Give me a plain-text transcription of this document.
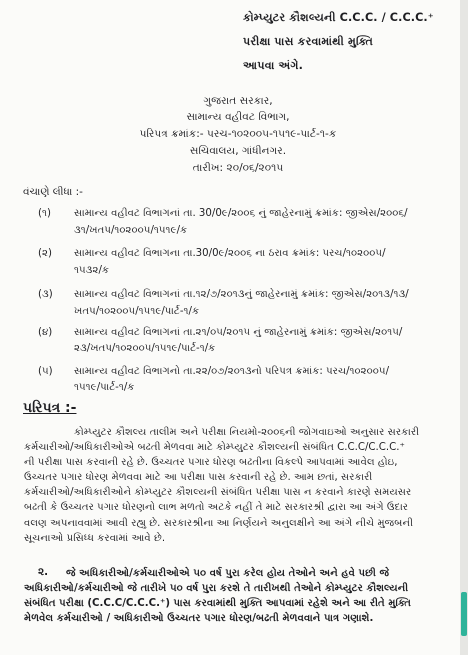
કોમ્પ્યુટર કૌશલ્યની C.C.C. / C.C.C.⁺
પરીક્ષા પાસ કરવામાંથી મુક્તિ
આપવા અંગે.
ગુજરાત સરકાર,
સામાન્ય વહીવટ વિભાગ,
પરિપત્ર ક્રમાંક:- પરચ-૧૦૨૦૦૫-૧૫૧૯-પાર્ટ-૧-ક
સચિવાલય, ગાંધીનગર.
તારીખ: ૨૦/૦૬/૨૦૧૫
વંચાણે લીધા :-
(૧) સામાન્ય વહીવટ વિભાગનાં તા. 30/0૯/૨૦૦૬ નું જાહેરનામું ક્રમાંક: જીએસ/૨૦૦૬/
૩૧/ખતપ/૧૦૨૦૦૫/૧૫૧૯/ક
(૨) સામાન્ય વહીવટ વિભાગના તા.30/0૯/૨૦૦૬ ના ઠરાવ ક્રમાંક: પરચ/૧૦૨૦૦૫/
૧૫૩૨/ક
(૩) સામાન્ય વહીવટ વિભાગનાં તા.૧૨/૭/૨૦૧૩નું જાહેરનામું ક્રમાંક: જીએસ/૨૦૧૩/૧૩/
ખતપ/૧૦૨૦૦૫/૧૫૧૯/પાર્ટ-૧/ક
(૪) સામાન્ય વહીવટ વિભાગનાં તા.૨૧/૦૫/૨૦૧૫ નું જાહેરનામું ક્રમાંક: જીએસ/૨૦૧૫/
૨૩/ખતપ/૧૦૨૦૦૫/૧૫૧૯/પાર્ટ-૧/ક
(૫) સામાન્ય વહીવટ વિભાગનો તા.૨૨/૦૭/૨૦૧૩નો પરિપત્ર ક્રમાંક: પરચ/૧૦૨૦૦૫/
૧૫૧૯/પાર્ટ-૧/ક
પરિપત્ર :-
કોમ્પ્યુટર કૌશલ્ય તાલીમ અને પરીક્ષા નિયમો-૨૦૦૬ની જોગવાઇઓ અનુસાર સરકારી
કર્મચારીઓ/અધિકારીઓએ બઢતી મેળવવા માટે કોમ્પ્યુટર કૌશલ્યની સંબંધિત C.C.C/C.C.C.⁺
ની પરીક્ષા પાસ કરવાની રહે છે. ઉચ્ચતર પગાર ધોરણ બઢતીના વિકલ્પે આપવામાં આવેલ હોઇ,
ઉચ્ચતર પગાર ધોરણ મેળવવા માટે આ પરીક્ષા પાસ કરવાની રહે છે. આમ છતાં, સરકારી
કર્મચારીઓ/અધિકારીઓને કોમ્પ્યુટર કૌશલ્યની સંબંધિત પરીક્ષા પાસ ન કરવાને કારણે સમયસર
બઢતી કે ઉચ્ચતર પગાર ધોરણનો લાભ મળતો અટકે નહીં તે માટે સરકારશ્રી દ્વારા આ અંગે ઉદાર
વલણ અપનાવવામાં આવી રહ્યુ છે. સરકારશ્રીના આ નિર્ણયને અનુલક્ષીને આ અંગે નીચે મુજબની
સૂચનાઓ પ્રસિધ્ધ કરવામાં આવે છે.
૨.	જે અધિકારીઓ/કર્મચારીઓએ ૫૦ વર્ષ પુરા કરેલ હોય તેઓને અને હવે પછી જે
અધિકારીઓ/કર્મચારીઓ જે તારીખે ૫૦ વર્ષ પુરા કરશે તે તારીખથી તેઓને કોમ્પ્યુટર કૌશલ્યની
સંબંધિત પરીક્ષા (C.C.C/C.C.C.⁺) પાસ કરવામાંથી મુક્તિ આપવામાં રહેશે અને આ રીતે મુક્તિ
મેળવેલ કર્મચારીઓ / અધિકારીઓ ઉચ્ચતર પગાર ધોરણ/બઢતી મેળવવાને પાત્ર ગણાશે.
